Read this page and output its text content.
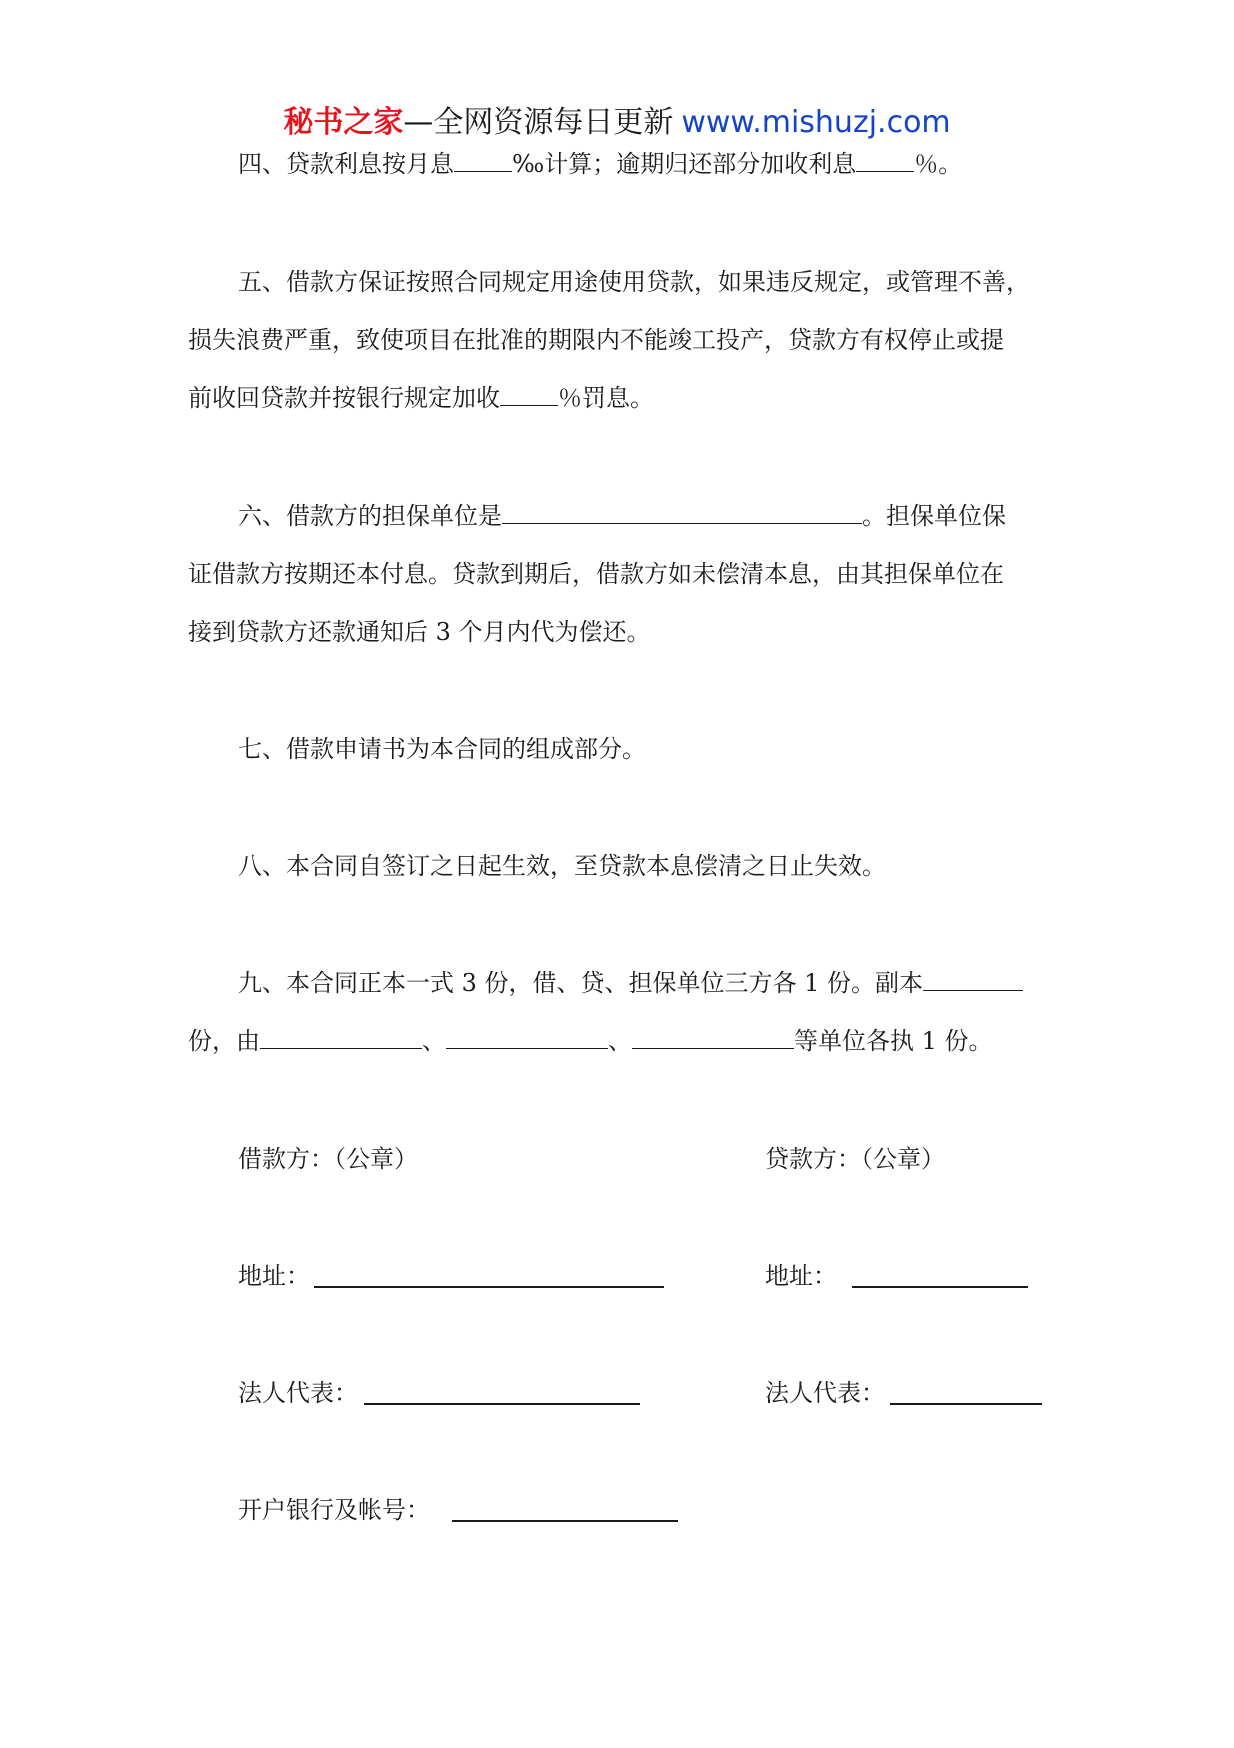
秘书之家—全网资源每日更新 www.mishuzj.com
四、贷款利息按月息 ‰计算；逾期归还部分加收利息 ％。
五、借款方保证按照合同规定用途使用贷款，如果违反规定，或管理不善，
损失浪费严重，致使项目在批准的期限内不能竣工投产，贷款方有权停止或提
前收回贷款并按银行规定加收 ％罚息。
六、借款方的担保单位是	。担保单位保
证借款方按期还本付息。贷款到期后，借款方如未偿清本息，由其担保单位在
接到贷款方还款通知后 3 个月内代为偿还。
七、借款申请书为本合同的组成部分。
八、本合同自签订之日起生效，至贷款本息偿清之日止失效。
九、本合同正本一式 3 份，借、贷、担保单位三方各 1 份。副本
份，由	、	、	等单位各执 1 份。
借款方：（公章）	贷款方：（公章）
地址：	地址：
法人代表：	法人代表：
开户银行及帐号：
